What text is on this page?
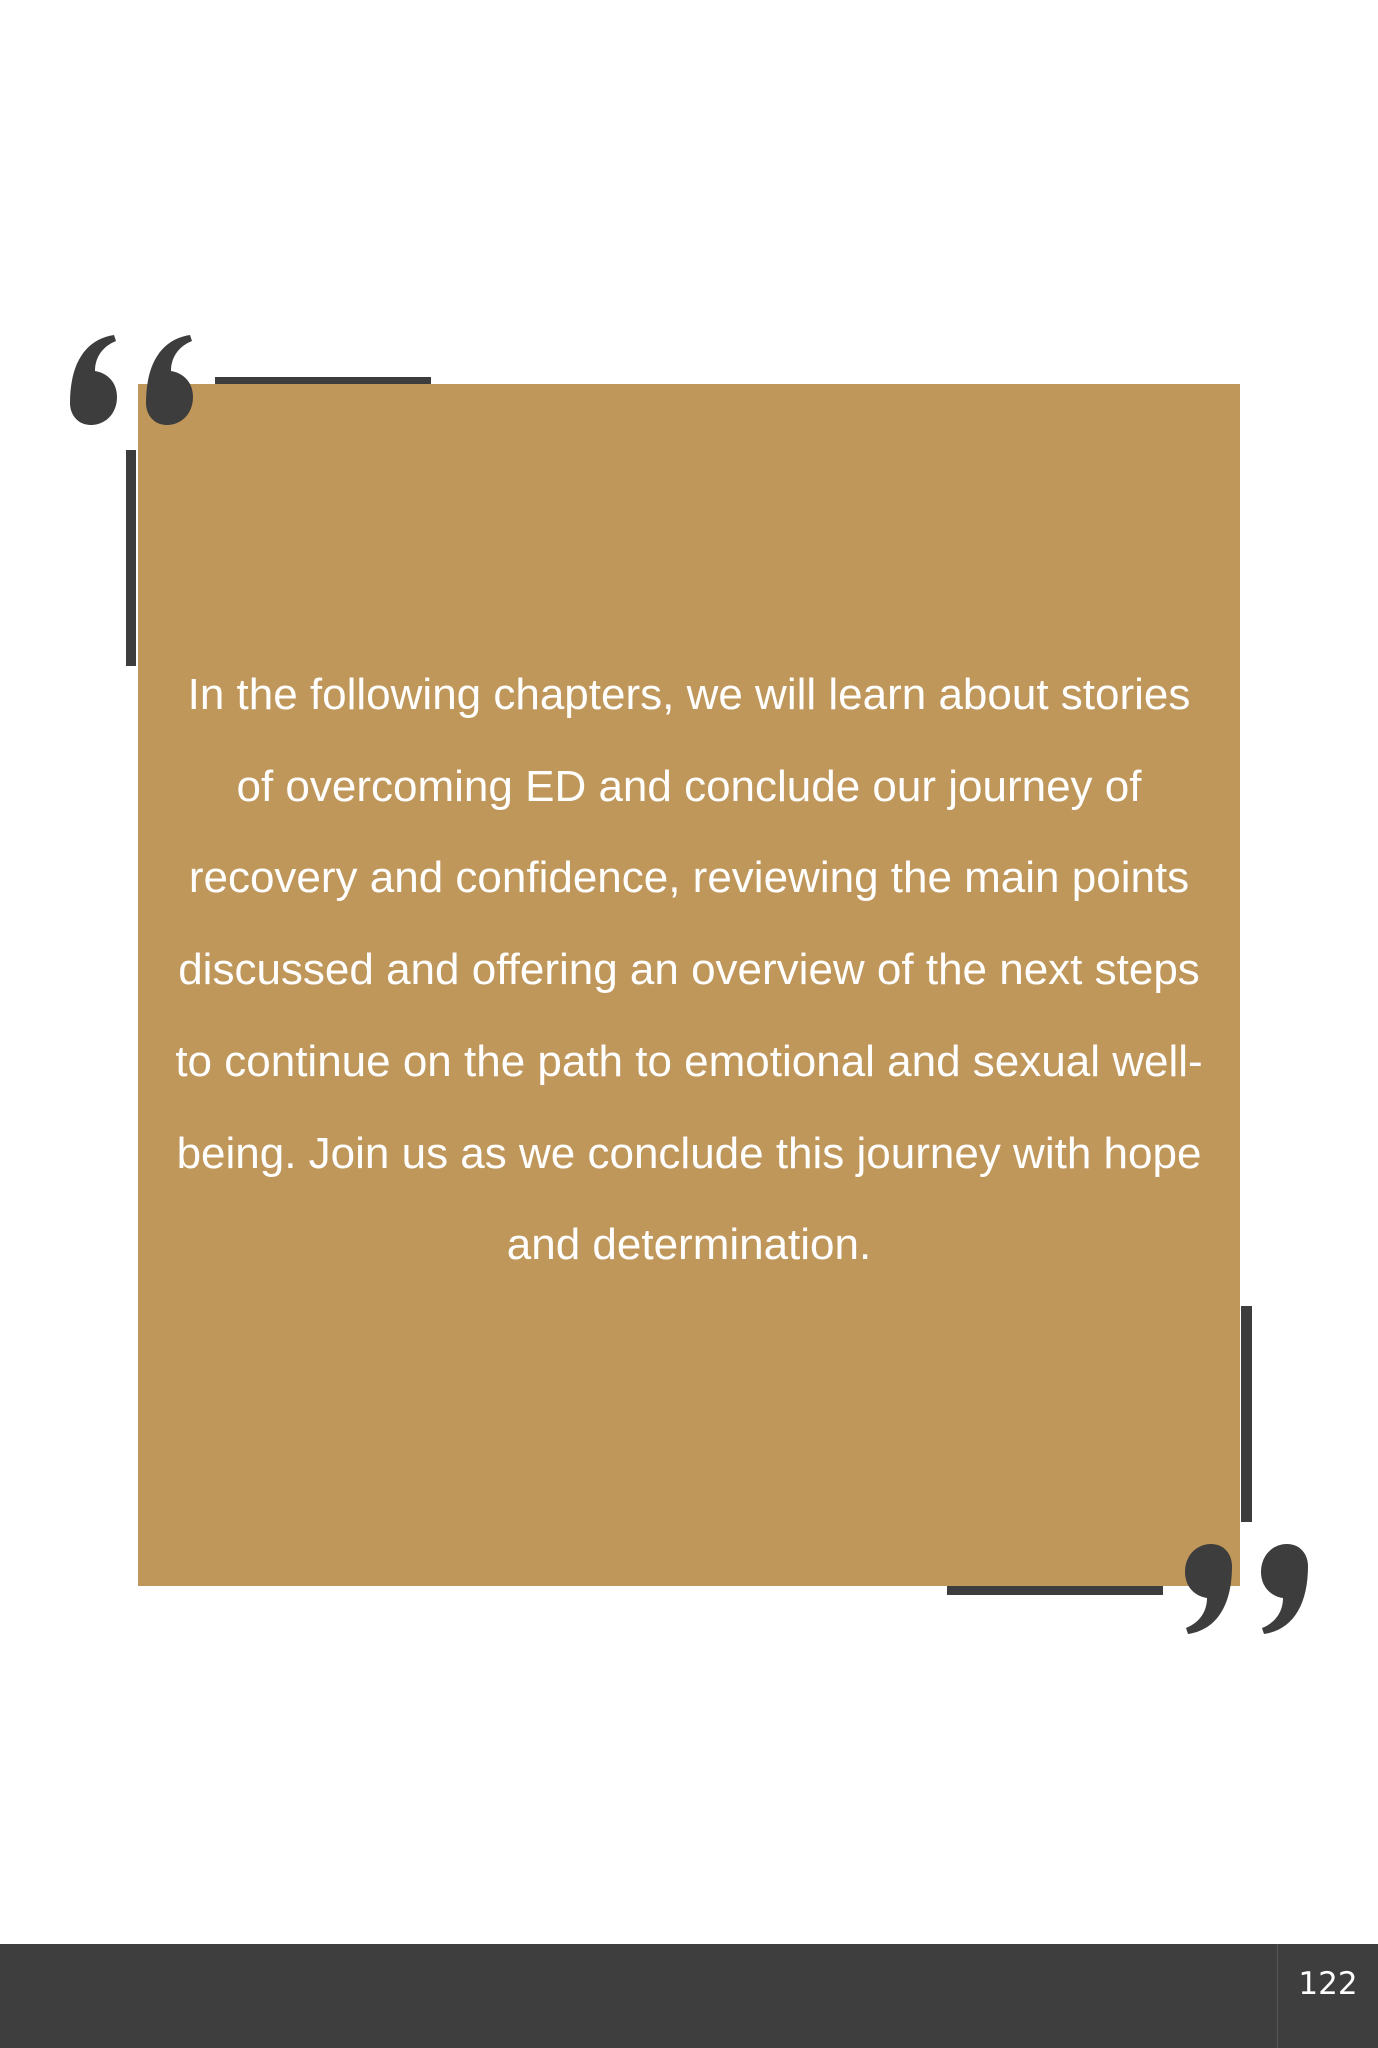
In the following chapters, we will learn about stories of overcoming ED and conclude our journey of recovery and confidence, reviewing the main points discussed and offering an overview of the next steps to continue on the path to emotional and sexual well-being. Join us as we conclude this journey with hope and determination.
122
